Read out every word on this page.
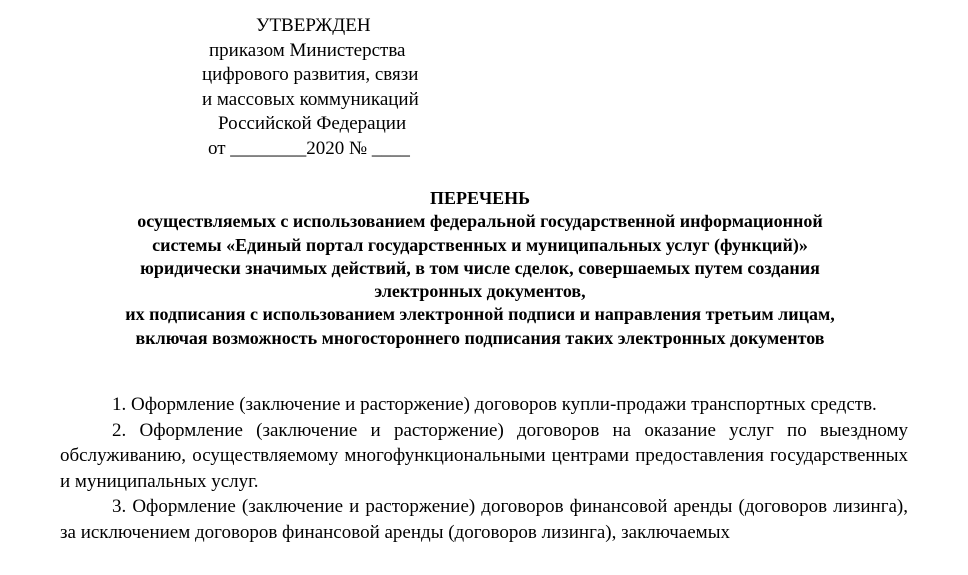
УТВЕРЖДЕН
приказом Министерства
цифрового развития, связи
и массовых коммуникаций
Российской Федерации
от ________2020 № ____
ПЕРЕЧЕНЬ
осуществляемых с использованием федеральной государственной информационной
системы «Единый портал государственных и муниципальных услуг (функций)»
юридически значимых действий, в том числе сделок, совершаемых путем создания
электронных документов,
их подписания с использованием электронной подписи и направления третьим лицам,
включая возможность многостороннего подписания таких электронных документов

1. Оформление (заключение и расторжение) договоров купли-продажи транспортных средств.

2. Оформление (заключение и расторжение) договоров на оказание услуг по выездному обслуживанию, осуществляемому многофункциональными центрами предоставления государственных и муниципальных услуг.

3. Оформление (заключение и расторжение) договоров финансовой аренды (договоров лизинга), за исключением договоров финансовой аренды (договоров лизинга), заключаемых
